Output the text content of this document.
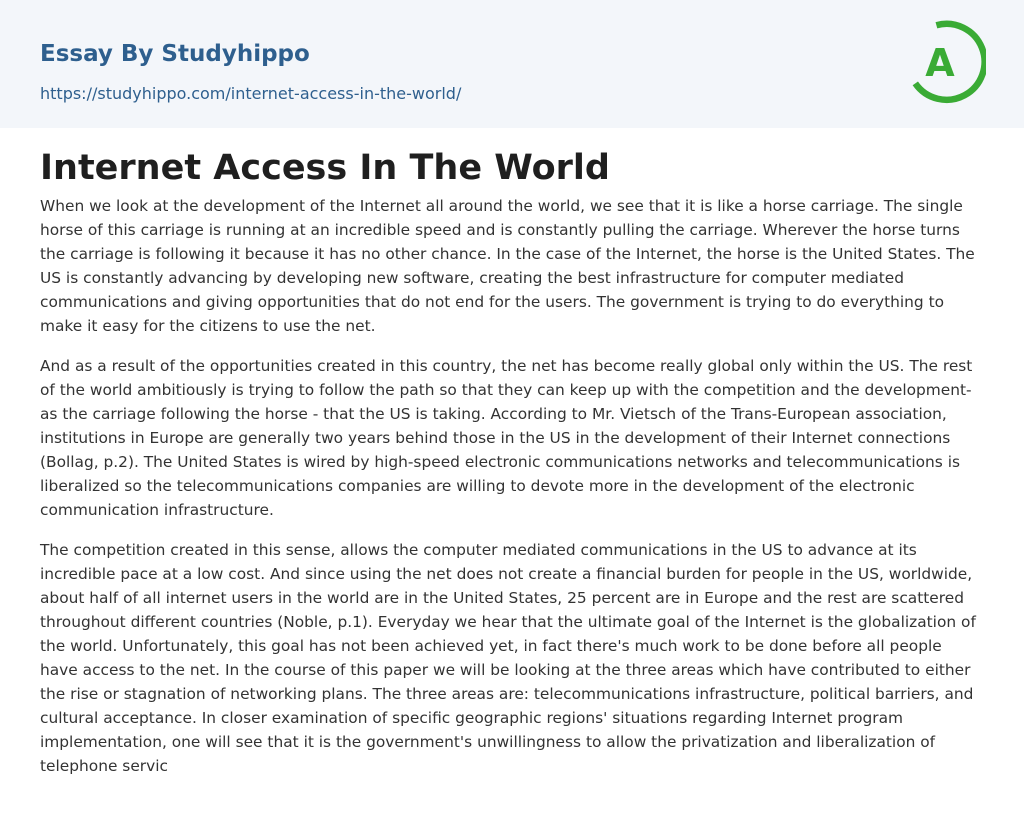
Essay By Studyhippo
https://studyhippo.com/internet-access-in-the-world/
A
Internet Access In The World

When we look at the development of the Internet all around the world, we see that it is like a horse carriage. The single horse of this carriage is running at an incredible speed and is constantly pulling the carriage. Wherever the horse turns the carriage is following it because it has no other chance. In the case of the Internet, the horse is the United States. The US is constantly advancing by developing new software, creating the best infrastructure for computer mediated communications and giving opportunities that do not end for the users. The government is trying to do everything to make it easy for the citizens to use the net.

And as a result of the opportunities created in this country, the net has become really global only within the US. The rest of the world ambitiously is trying to follow the path so that they can keep up with the competition and the development- as the carriage following the horse - that the US is taking. According to Mr. Vietsch of the Trans-European association, institutions in Europe are generally two years behind those in the US in the development of their Internet connections (Bollag, p.2). The United States is wired by high-speed electronic communications networks and telecommunications is liberalized so the telecommunications companies are willing to devote more in the development of the electronic communication infrastructure.

The competition created in this sense, allows the computer mediated communications in the US to advance at its incredible pace at a low cost. And since using the net does not create a financial burden for people in the US, worldwide, about half of all internet users in the world are in the United States, 25 percent are in Europe and the rest are scattered throughout different countries (Noble, p.1). Everyday we hear that the ultimate goal of the Internet is the globalization of the world. Unfortunately, this goal has not been achieved yet, in fact there's much work to be done before all people have access to the net. In the course of this paper we will be looking at the three areas which have contributed to either the rise or stagnation of networking plans. The three areas are: telecommunications infrastructure, political barriers, and cultural acceptance. In closer examination of specific geographic regions' situations regarding Internet program implementation, one will see that it is the government's unwillingness to allow the privatization and liberalization of telephone servic
